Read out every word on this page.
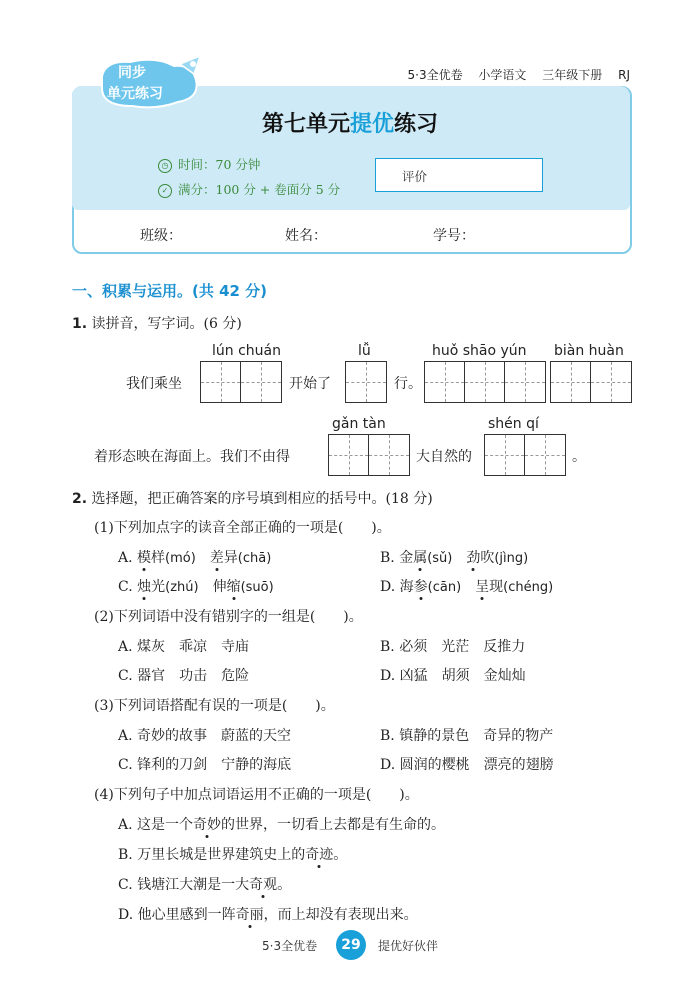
5·3全优卷 小学语文 三年级下册 RJ
同步
单元练习
第七单元提优练习
◷ 时间：70 分钟
✓ 满分：100 分 + 卷面分 5 分
评价
班级：	姓名：	学号：
一、积累与运用。(共 42 分)
1. 读拼音，写字词。(6 分)
lún chuán	lǚ	huǒ shāo yún biàn huàn
我们乘坐	开始了	行。
gǎn tàn	shén qí
着形态映在海面上。我们不由得	大自然的	。
2. 选择题，把正确答案的序号填到相应的括号中。(18 分)
(1)下列加点字的读音全部正确的一项是(　　)。
A. 模样(mó)　 差异(chā)	B. 金属(sǔ)　 劲吹(jìng)
C. 烛光(zhú)　 伸缩(suō)	D. 海参(cān)　 呈现(chéng)
(2)下列词语中没有错别字的一组是(　　)。
A. 煤灰　乖凉　寺庙	B. 必须　光茫　反推力
C. 器官　功击　危险	D. 凶猛　胡须　金灿灿
(3)下列词语搭配有误的一项是(　　)。
A. 奇妙的故事　蔚蓝的天空	B. 镇静的景色　奇异的物产
C. 锋利的刀剑　宁静的海底	D. 圆润的樱桃　漂亮的翅膀
(4)下列句子中加点词语运用不正确的一项是(　　)。
A. 这是一个奇妙的世界，一切看上去都是有生命的。
B. 万里长城是世界建筑史上的奇迹。
C. 钱塘江大潮是一大奇观。
D. 他心里感到一阵奇丽，而上却没有表现出来。
5·3全优卷	29	提优好伙伴
